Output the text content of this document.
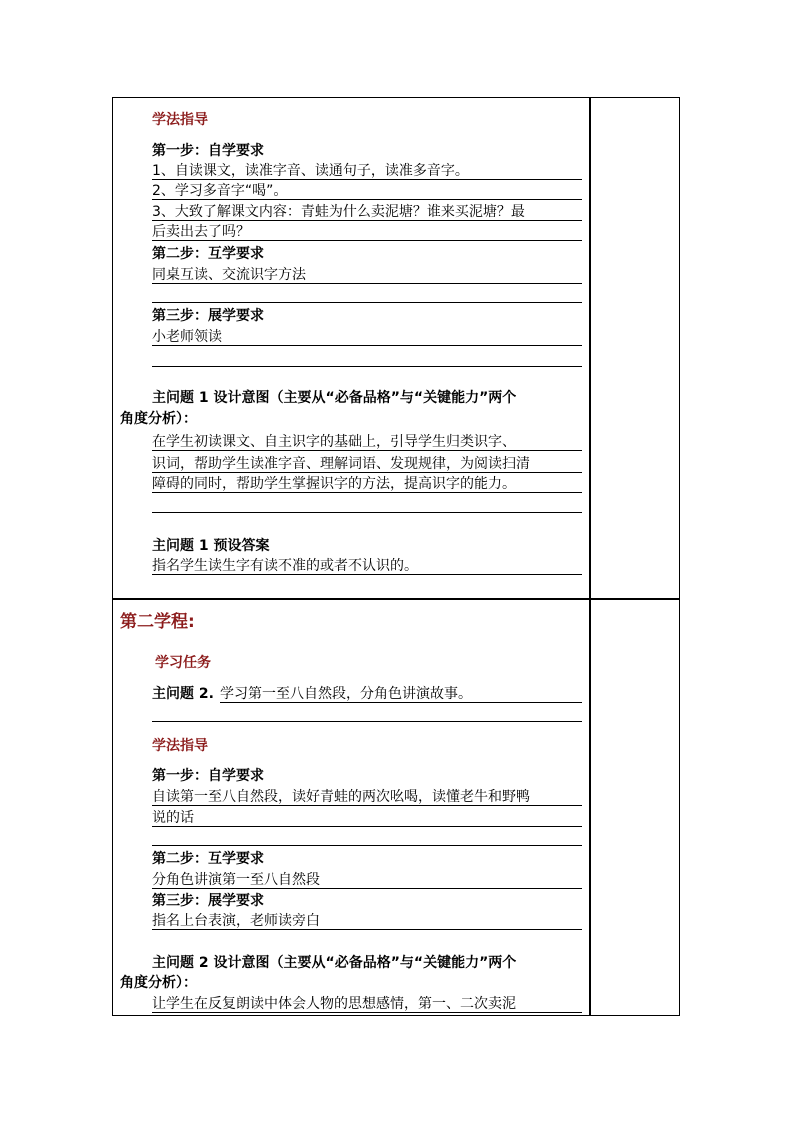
学法指导
第一步：自学要求
1、自读课文，读准字音、读通句子，读准多音字。
2、学习多音字“喝”。
3、大致了解课文内容：青蛙为什么卖泥塘？谁来买泥塘？最
后卖出去了吗？
第二步：互学要求
同桌互读、交流识字方法
第三步：展学要求
小老师领读
主问题 1 设计意图（主要从“必备品格”与“关键能力”两个
角度分析）：
在学生初读课文、自主识字的基础上，引导学生归类识字、
识词，帮助学生读准字音、理解词语、发现规律，为阅读扫清
障碍的同时，帮助学生掌握识字的方法，提高识字的能力。
主问题 1 预设答案
指名学生读生字有读不准的或者不认识的。
第二学程:
学习任务
主问题 2. 学习第一至八自然段，分角色讲演故事。
学法指导
第一步：自学要求
自读第一至八自然段，读好青蛙的两次吆喝，读懂老牛和野鸭
说的话
第二步：互学要求
分角色讲演第一至八自然段
第三步：展学要求
指名上台表演，老师读旁白
主问题 2 设计意图（主要从“必备品格”与“关键能力”两个
角度分析）：
让学生在反复朗读中体会人物的思想感情，第一、二次卖泥
